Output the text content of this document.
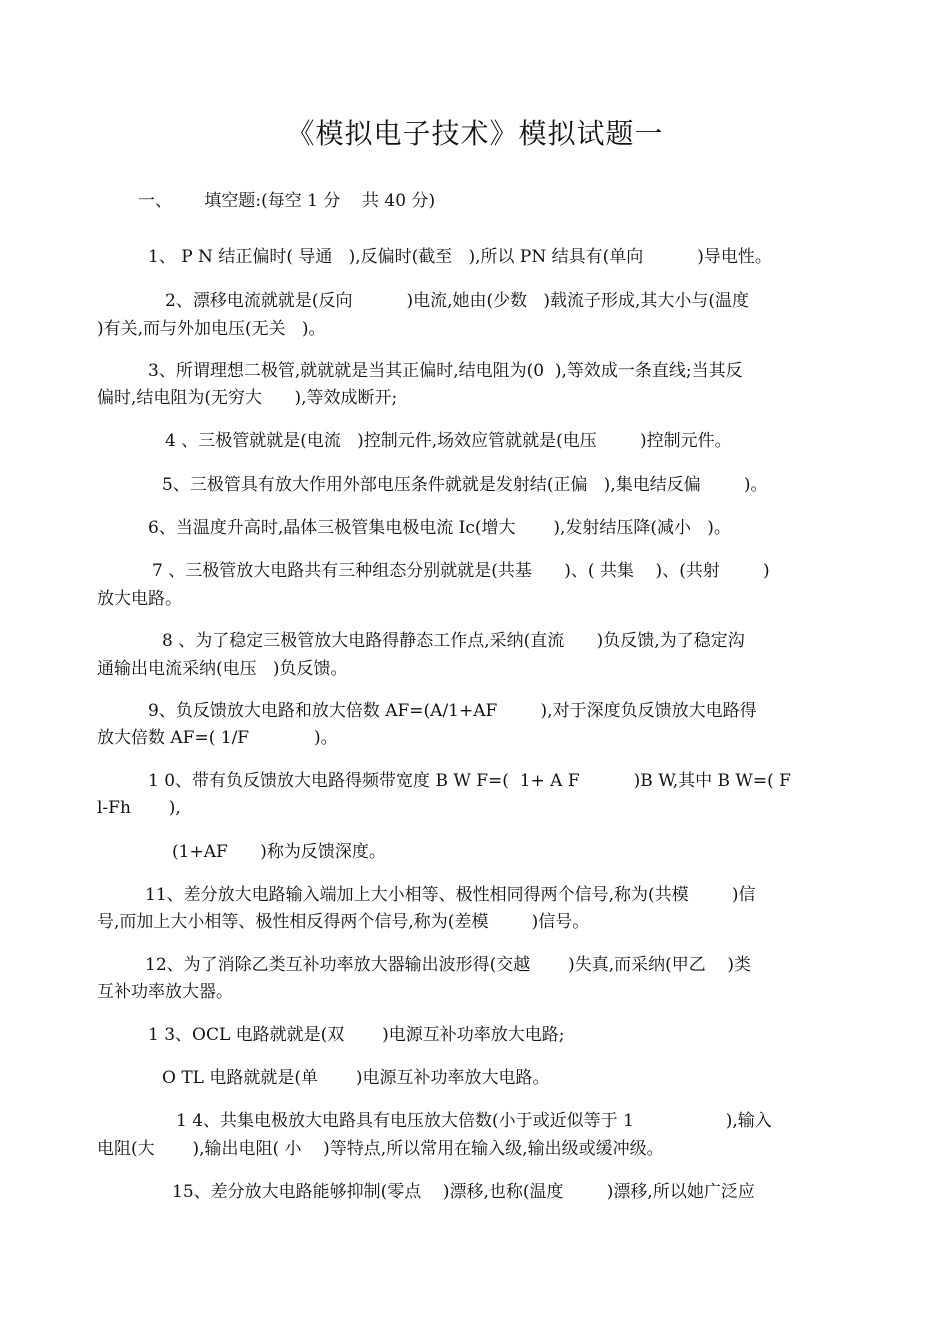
《模拟电子技术》模拟试题一
一、      填空题:(每空 1 分    共 40 分)
1、 P N 结正偏时( 导通   ),反偏时(截至   ),所以 PN 结具有(单向          )导电性。
2、漂移电流就就是(反向          )电流,她由(少数   )载流子形成,其大小与(温度
)有关,而与外加电压(无关   )。
3、所谓理想二极管,就就就是当其正偏时,结电阻为(0  ),等效成一条直线;当其反
偏时,结电阻为(无穷大      ),等效成断开;
4 、三极管就就是(电流   )控制元件,场效应管就就是(电压        )控制元件。
5、三极管具有放大作用外部电压条件就就是发射结(正偏   ),集电结反偏        )。
6、当温度升高时,晶体三极管集电极电流 Ic(增大       ),发射结压降(减小   )。
7 、三极管放大电路共有三种组态分别就就是(共基      )、( 共集    )、(共射        )
放大电路。
8 、为了稳定三极管放大电路得静态工作点,采纳(直流      )负反馈,为了稳定沟
通输出电流采纳(电压   )负反馈。
9、负反馈放大电路和放大倍数 AF=(A/1+AF        ),对于深度负反馈放大电路得
放大倍数 AF=( 1/F            )。
1 0、带有负反馈放大电路得频带宽度 B W F=(  1+ A F          )B W,其中 B W=( F
l-Fh       ),
(1+AF      )称为反馈深度。
11、差分放大电路输入端加上大小相等、极性相同得两个信号,称为(共模        )信
号,而加上大小相等、极性相反得两个信号,称为(差模        )信号。
12、为了消除乙类互补功率放大器输出波形得(交越       )失真,而采纳(甲乙    )类
互补功率放大器。
1 3、OCL 电路就就是(双       )电源互补功率放大电路;
O TL 电路就就是(单       )电源互补功率放大电路。
1 4、共集电极放大电路具有电压放大倍数(小于或近似等于 1                 ),输入
电阻(大       ),输出电阻( 小    )等特点,所以常用在输入级,输出级或缓冲级。
15、差分放大电路能够抑制(零点    )漂移,也称(温度        )漂移,所以她广泛应
